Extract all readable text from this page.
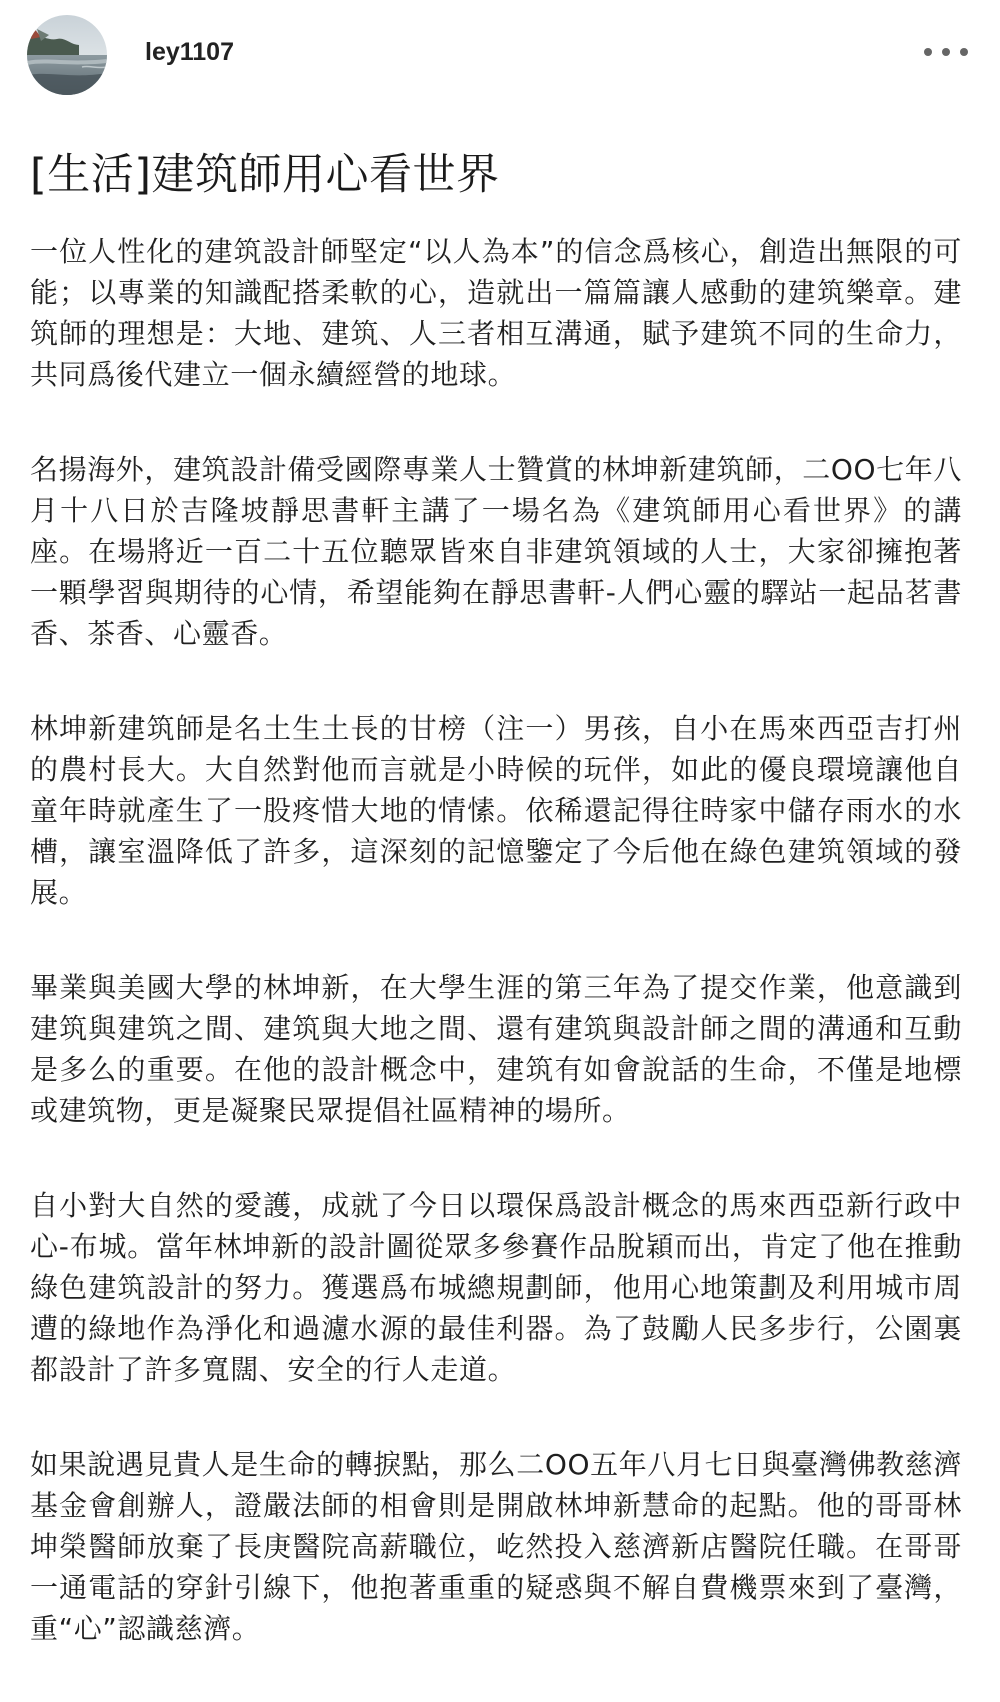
ley1107
[生活]建筑師用心看世界

一位人性化的建筑設計師堅定“以人為本”的信念爲核心，創造出無限的可能；以專業的知識配搭柔軟的心，造就出一篇篇讓人感動的建筑樂章。建筑師的理想是：大地、建筑、人三者相互溝通，賦予建筑不同的生命力，共同爲後代建立一個永續經營的地球。

名揚海外，建筑設計備受國際專業人士贊賞的林坤新建筑師，二OO七年八月十八日於吉隆坡靜思書軒主講了一場名為《建筑師用心看世界》的講座。在場將近一百二十五位聽眾皆來自非建筑領域的人士，大家卻擁抱著一顆學習與期待的心情，希望能夠在靜思書軒-人們心靈的驛站一起品茗書香、茶香、心靈香。

林坤新建筑師是名土生土長的甘榜（注一）男孩，自小在馬來西亞吉打州的農村長大。大自然對他而言就是小時候的玩伴，如此的優良環境讓他自童年時就產生了一股疼惜大地的情愫。依稀還記得往時家中儲存雨水的水槽，讓室溫降低了許多，這深刻的記憶鑒定了今后他在綠色建筑領域的發展。

畢業與美國大學的林坤新，在大學生涯的第三年為了提交作業，他意識到建筑與建筑之間、建筑與大地之間、還有建筑與設計師之間的溝通和互動是多么的重要。在他的設計概念中，建筑有如會說話的生命，不僅是地標或建筑物，更是凝聚民眾提倡社區精神的場所。

自小對大自然的愛護，成就了今日以環保爲設計概念的馬來西亞新行政中心-布城。當年林坤新的設計圖從眾多參賽作品脫穎而出，肯定了他在推動綠色建筑設計的努力。獲選爲布城總規劃師，他用心地策劃及利用城市周遭的綠地作為淨化和過濾水源的最佳利器。為了鼓勵人民多步行，公園裏都設計了許多寬闊、安全的行人走道。

如果說遇見貴人是生命的轉捩點，那么二OO五年八月七日與臺灣佛教慈濟基金會創辦人，證嚴法師的相會則是開啟林坤新慧命的起點。他的哥哥林坤榮醫師放棄了長庚醫院高薪職位，屹然投入慈濟新店醫院任職。在哥哥一通電話的穿針引線下，他抱著重重的疑惑與不解自費機票來到了臺灣，重“心”認識慈濟。
